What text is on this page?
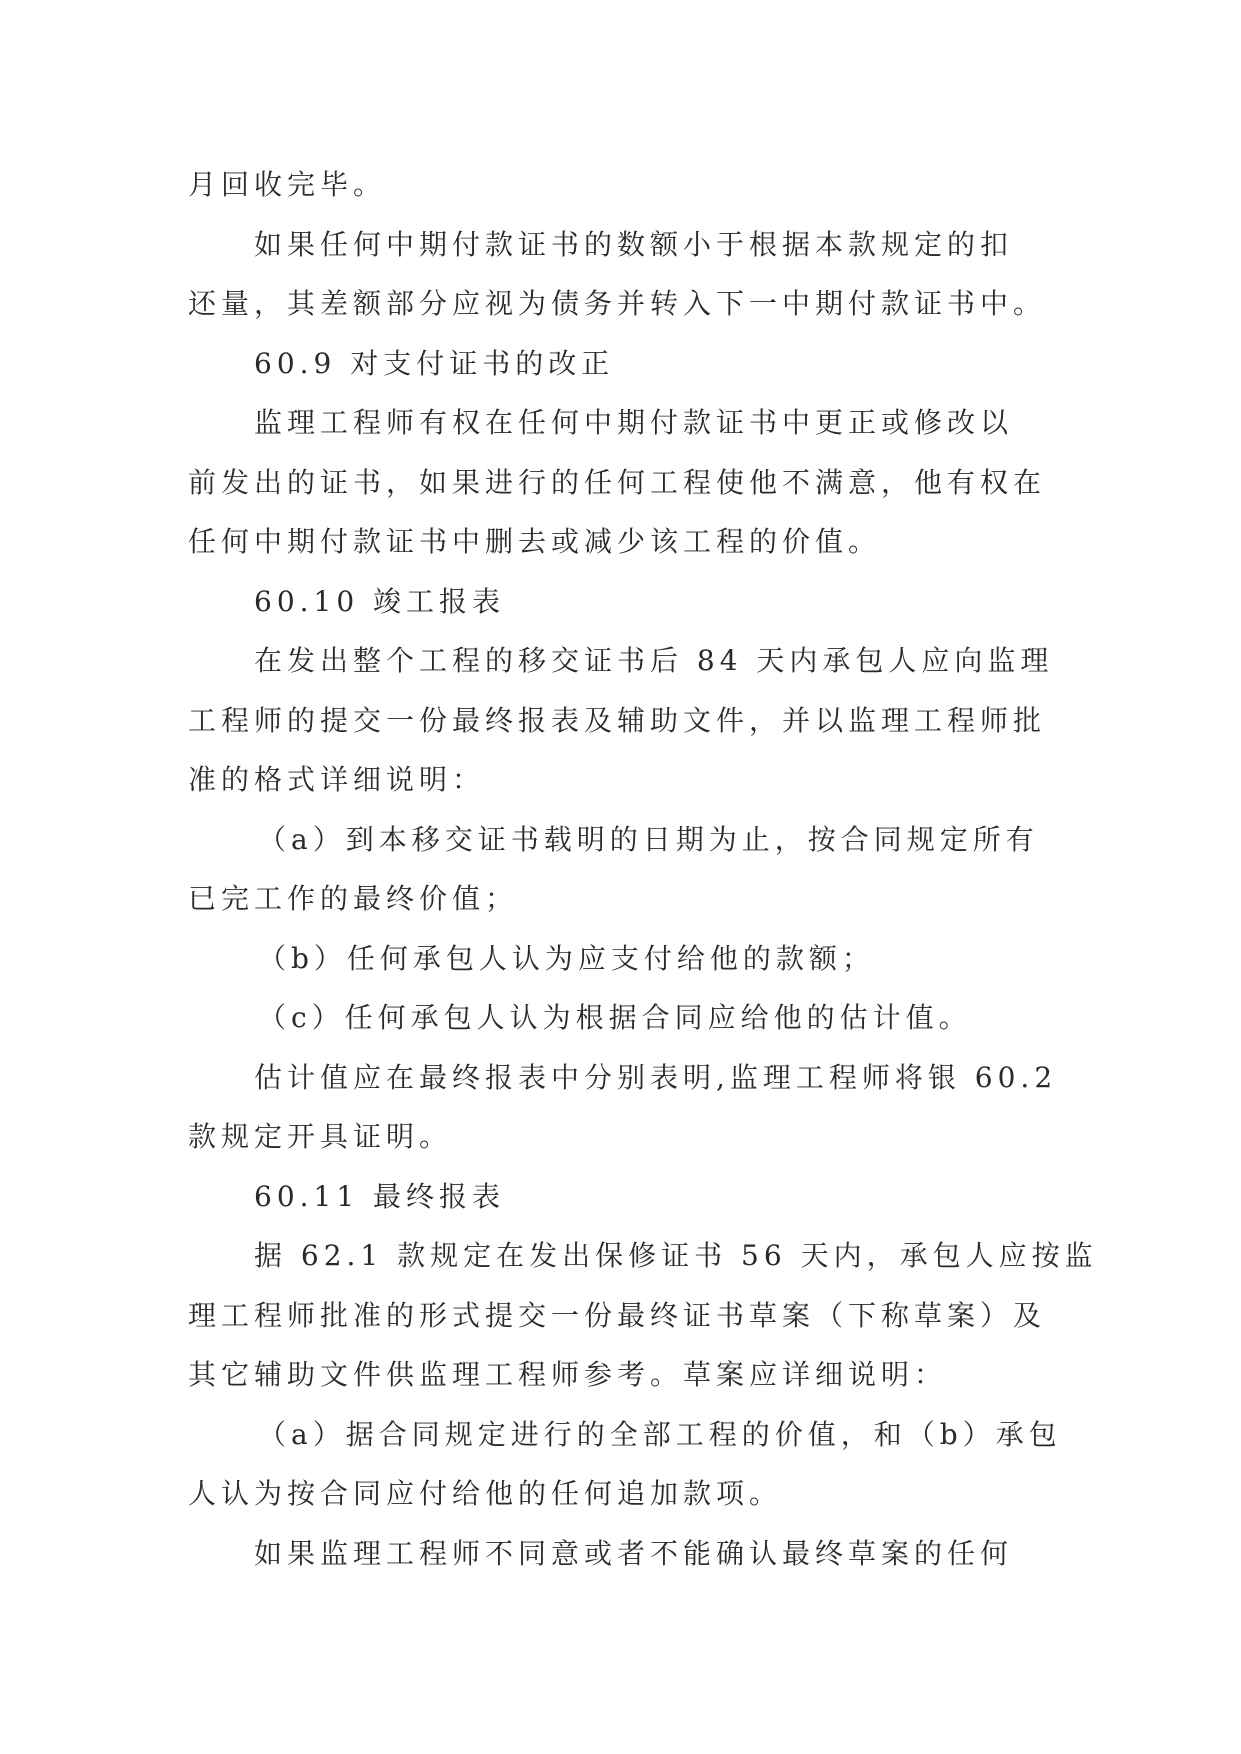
月回收完毕。
如果任何中期付款证书的数额小于根据本款规定的扣
还量，其差额部分应视为债务并转入下一中期付款证书中。
60.9 对支付证书的改正
监理工程师有权在任何中期付款证书中更正或修改以
前发出的证书，如果进行的任何工程使他不满意，他有权在
任何中期付款证书中删去或减少该工程的价值。
60.10 竣工报表
在发出整个工程的移交证书后 84 天内承包人应向监理
工程师的提交一份最终报表及辅助文件，并以监理工程师批
准的格式详细说明：
（a）到本移交证书载明的日期为止，按合同规定所有
已完工作的最终价值；
（b）任何承包人认为应支付给他的款额；
（c）任何承包人认为根据合同应给他的估计值。
估计值应在最终报表中分别表明,监理工程师将银 60.2
款规定开具证明。
60.11 最终报表
据 62.1 款规定在发出保修证书 56 天内，承包人应按监
理工程师批准的形式提交一份最终证书草案（下称草案）及
其它辅助文件供监理工程师参考。草案应详细说明：
（a）据合同规定进行的全部工程的价值，和（b）承包
人认为按合同应付给他的任何追加款项。
如果监理工程师不同意或者不能确认最终草案的任何
